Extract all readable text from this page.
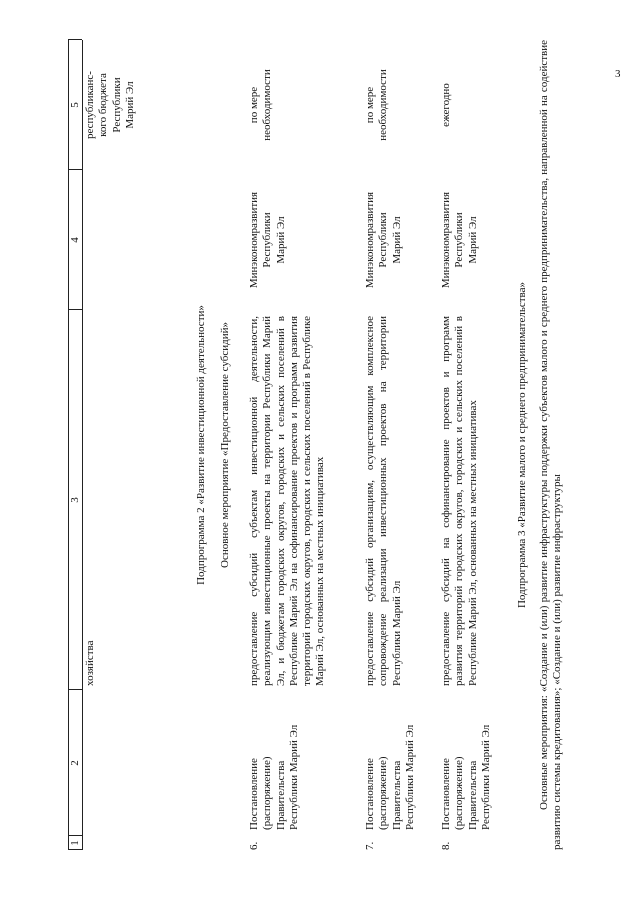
3
1
2
3
4
5
хозяйства
республиканс-
кого бюджета
Республики
Марий Эл
Подпрограмма 2 «Развитие инвестиционной деятельности» Основное мероприятие «Предоставление субсидий»
6.
Постановление
(распоряжение)
Правительства
Республики Марий Эл
предоставление субсидий субъектам инвестиционной деятельности, реализующим инвестиционные проекты на территории Республики Марий Эл, и бюджетам городских округов, городских и сельских поселений в Республике Марий Эл на софинансирование проектов и программ развития территорий городских округов, городских и сельских поселений в Республике Марий Эл, основанных на местных инициативах
Минэкономразвития
Республики
Марий Эл
по мере
необходимости
7.
Постановление
(распоряжение)
Правительства
Республики Марий Эл
предоставление субсидий организациям, осуществляющим комплексное сопровождение реализации инвестиционных проектов на территории Республики Марий Эл
Минэкономразвития
Республики
Марий Эл
по мере
необходимости
8.
Постановление
(распоряжение)
Правительства
Республики Марий Эл
предоставление субсидий на софинансирование проектов и программ развития территорий городских округов, городских и сельских поселений в Республике Марий Эл, основанных на местных инициативах
Минэкономразвития
Республики
Марий Эл
ежегодно
Подпрограмма 3 «Развитие малого и среднего предпринимательства» Основные мероприятия: «Создание и (или) развитие инфраструктуры поддержки субъектов малого и среднего предпринимательства, направленной на содействие развитию системы кредитования»; «Создание и (или) развитие инфраструктуры
